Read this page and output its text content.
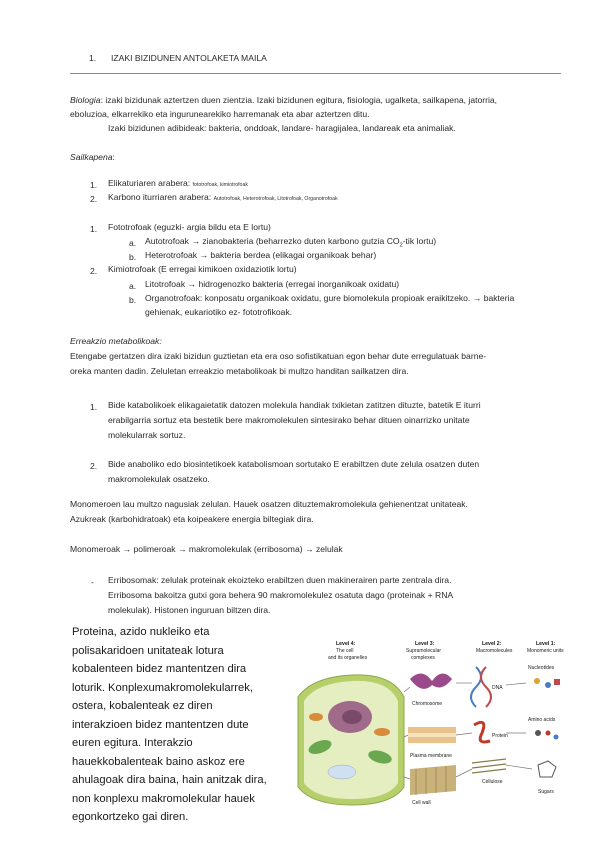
1. IZAKI BIZIDUNEN ANTOLAKETA MAILA
Biologia: izaki bizidunak aztertzen duen zientzia. Izaki bizidunen egitura, fisiologia, ugalketa, sailkapena, jatorria,
eboluzioa, elkarrekiko eta ingurunearekiko harremanak eta abar aztertzen ditu.
Izaki bizidunen adibideak: bakteria, onddoak, landare- haragijalea, landareak eta animaliak.
Sailkapena:
1. Elikaturiaren arabera: fototrofoak, kimiotrofoak
2. Karbono iturriaren arabera: Autotrofoak, Heterotrofoak, Litotrofoak, Organotrofoak
1. Fototrofoak (eguzki- argia bildu eta E lortu)
a. Autotrofoak → zianobakteria (beharrezko duten karbono gutzia $CO_2$-tik lortu)
b. Heterotrofoak → bakteria berdea (elikagai organikoak behar)
2. Kimiotrofoak (E erregai kimikoen oxidaziotik lortu)
a. Litotrofoak → hidrogenozko bakteria (erregai inorganikoak oxidatu)
b. Organotrofoak: konposatu organikoak oxidatu, gure biomolekula propioak eraikitzeko. → bakteria
gehienak, eukariotiko ez- fototrofikoak.
Erreakzio metabolikoak:
Etengabe gertatzen dira izaki bizidun guztietan eta era oso sofistikatuan egon behar dute erregulatuak barne-
oreka manten dadin. Zeluletan erreakzio metabolikoak bi multzo handitan sailkatzen dira.
1. Bide katabolikoek elikagaietatik datozen molekula handiak txikietan zatitzen dituzte, batetik E iturri
erabilgarria sortuz eta bestetik bere makromolekulen sintesirako behar dituen oinarrizko unitate
molekularrak sortuz.
2. Bide anaboliko edo biosintetikoek katabolismoan sortutako E erabiltzen dute zelula osatzen duten
makromolekulak osatzeko.
Monomeroen lau multzo nagusiak zelulan. Hauek osatzen dituztemakromolekula gehienentzat unitateak.
Azukreak (karbohidratoak) eta koipeakere energia biltegiak dira.
Monomeroak → polimeroak → makromolekulak (erribosoma) → zelulak
- Erribosomak: zelulak proteinak ekoizteko erabiltzen duen makinerairen parte zentrala dira.
Erribosoma bakoitza gutxi gora behera 90 makromolekulez osatuta dago (proteinak + RNA
molekulak). Histonen inguruan biltzen dira.
Proteina, azido nukleiko eta
polisakaridoen unitateak lotura
kobalenteen bidez mantentzen dira
loturik. Konplexumakromolekularrek,
ostera, kobalenteak ez diren
interakzioen bidez mantentzen dute
euren egitura. Interakzio
hauekkobalenteak baino askoz ere
ahulagoak dira baina, hain anitzak dira,
non konplexu makromolekular hauek
egonkortzeko gai diren.
Level 4:
The cell
and its organelles
Level 3:
Supramolecular
complexes
Level 2:
Macromolecules
Level 1:
Monomeric units
Chromosome
Plasma membrane
Cell wall
DNA
Protein
Cellulose
Nucleotides
Amino acids
Sugars
